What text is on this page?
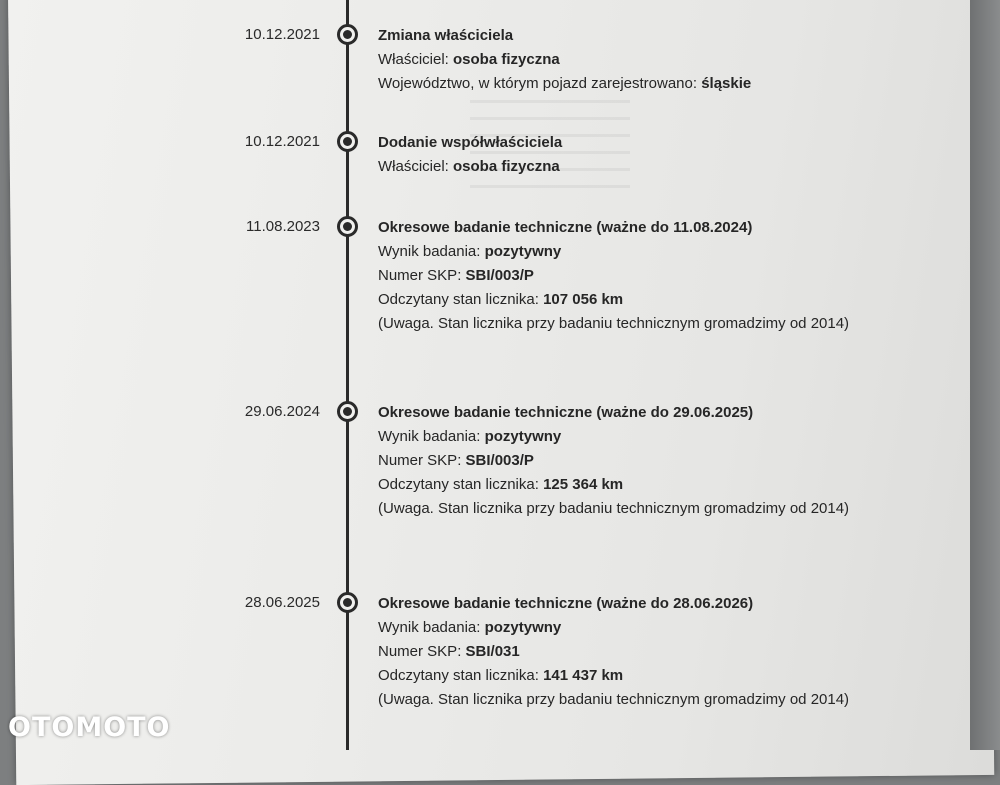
10.12.2021	Zmiana właściciela
Właściciel: osoba fizyczna
Województwo, w którym pojazd zarejestrowano: śląskie
10.12.2021	Dodanie współwłaściciela
Właściciel: osoba fizyczna
11.08.2023	Okresowe badanie techniczne (ważne do 11.08.2024)
Wynik badania: pozytywny
Numer SKP: SBI/003/P
Odczytany stan licznika: 107 056 km
(Uwaga. Stan licznika przy badaniu technicznym gromadzimy od 2014)
29.06.2024	Okresowe badanie techniczne (ważne do 29.06.2025)
Wynik badania: pozytywny
Numer SKP: SBI/003/P
Odczytany stan licznika: 125 364 km
(Uwaga. Stan licznika przy badaniu technicznym gromadzimy od 2014)
28.06.2025	Okresowe badanie techniczne (ważne do 28.06.2026)
Wynik badania: pozytywny
Numer SKP: SBI/031
Odczytany stan licznika: 141 437 km
(Uwaga. Stan licznika przy badaniu technicznym gromadzimy od 2014)
OTOMOTO
